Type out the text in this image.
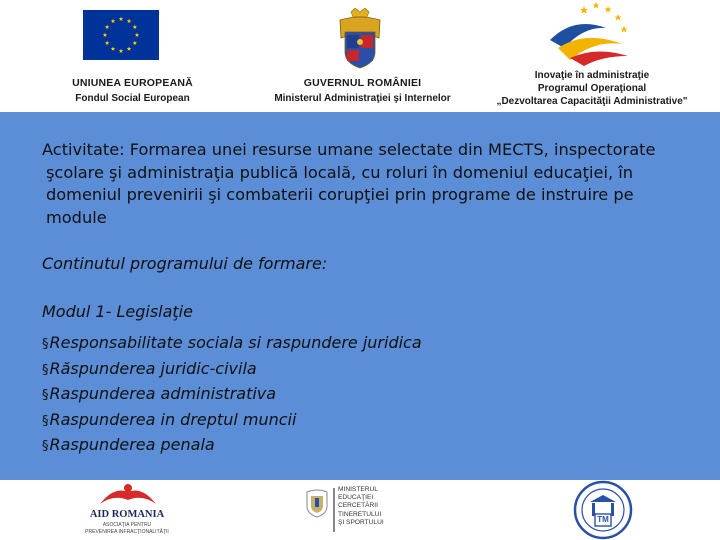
UNIUNEA EUROPEANĂ
Fondul Social European
GUVERNUL ROMÂNIEI
Ministerul Administraţiei şi Internelor
Inovaţie în administraţie
Programul Operaţional
„Dezvoltarea Capacităţii Administrative"
Activitate: Formarea unei resurse umane selectate din MECTS, inspectorate
şcolare şi administraţia publică locală, cu roluri în domeniul educaţiei, în
domeniul prevenirii şi combaterii corupţiei prin programe de instruire pe
module
Continutul programului de formare:
Modul 1- Legislaţie
§Responsabilitate sociala si raspundere juridica
§Răspunderea juridic-civila
§Raspunderea administrativa
§Raspunderea in dreptul muncii
§Raspunderea penala
AID ROMANIA
ASOCIAŢIA PENTRU
PREVENIREA INFRACŢIONALITĂŢII
MINISTERUL
EDUCAŢIEI
CERCETĂRII
TINERETULUI
ŞI SPORTULUI	TM
